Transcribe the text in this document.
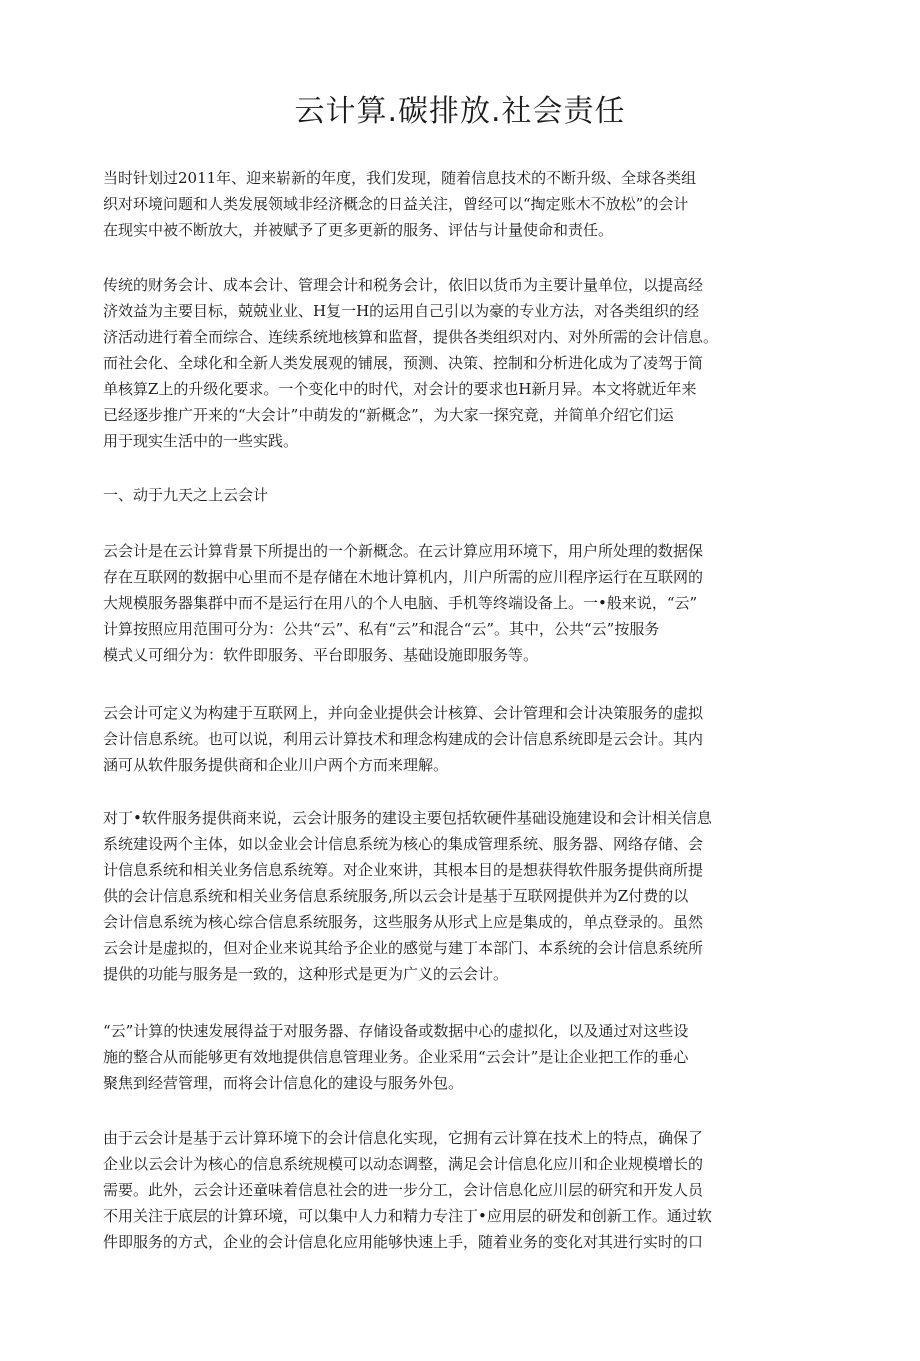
云计算.碳排放.社会责任
当时针划过2011年、迎来崭新的年度，我们发现，随着信息技术的不断升级、全球各类组
织对环境问题和人类发展领域非经济概念的日益关注，曾经可以“掏定账木不放松”的会计
在现实中被不断放大，并被赋予了更多更新的服务、评估与计量使命和责任。
传统的财务会计、成本会计、管理会计和税务会计，依旧以货币为主要计量单位，以提高经
济效益为主要目标，兢兢业业、H复一H的运用自己引以为豪的专业方法，对各类组织的经
济活动进行着全而综合、连续系统地核算和监督，提供各类组织对内、对外所需的会计信息。
而社会化、全球化和全新人类发展观的铺展，预测、决策、控制和分析进化成为了凌驾于简
单核算Z上的升级化要求。一个变化中的时代，对会计的要求也H新月异。本文将就近年来
已经逐步推广开来的“大会计”中萌发的“新概念”，为大家一探究竟，并简单介绍它们运
用于现实生活中的一些实践。
一、动于九天之上云会计
云会计是在云计算背景下所提出的一个新概念。在云计算应用环境下，用户所处理的数据保
存在互联网的数据中心里而不是存储在木地计算机内，川户所需的应川程序运行在互联网的
大规模服务器集群中而不是运行在用八的个人电脑、手机等终端设备上。一•般来说，“云”
计算按照应用范围可分为：公共“云”、私有“云”和混合“云”。其中，公共“云”按服务
模式乂可细分为：软件即服务、平台即服务、基础设施即服务等。
云会计可定义为构建于互联网上，并向金业提供会计核算、会计管理和会计决策服务的虚拟
会计信息系统。也可以说，利用云计算技术和理念构建成的会计信息系统即是云会计。其内
涵可从软件服务提供商和企业川户两个方而来理解。
对丁•软件服务提供商来说，云会计服务的建设主要包括软硬件基础设施建设和会计相关信息
系统建设两个主体，如以金业会计信息系统为核心的集成管理系统、服务器、网络存储、会
计信息系统和相关业务信息系统筹。对企业來讲，其根本目的是想获得软件服务提供商所提
供的会计信息系统和相关业务信息系统服务,所以云会计是基于互联网提供并为Z付费的以
会计信息系统为核心综合信息系统服务，这些服务从形式上应是集成的，单点登录的。虽然
云会计是虚拟的，但对企业来说其给予企业的感觉与建丁本部门、本系统的会计信息系统所
提供的功能与服务是一致的，这种形式是更为广义的云会计。
“云”计算的快速发展得益于对服务器、存储设备或数据中心的虚拟化，以及通过对这些设
施的整合从而能够更有效地提供信息管理业务。企业采用“云会计”是让企业把工作的垂心
聚焦到经营管理，而将会计信息化的建设与服务外包。
由于云会计是基于云计算环境下的会计信息化实现，它拥有云计算在技术上的特点，确保了
企业以云会计为核心的信息系统规模可以动态调整，满足会计信息化应川和企业规模增长的
需要。此外，云会计还童味着信息社会的进一步分工，会计信息化应川层的研究和开发人员
不用关注于底层的计算环境，可以集中人力和精力专注丁•应用层的研发和创新工作。通过软
件即服务的方式，企业的会计信息化应用能够快速上手，随着业务的变化对其进行实时的口
